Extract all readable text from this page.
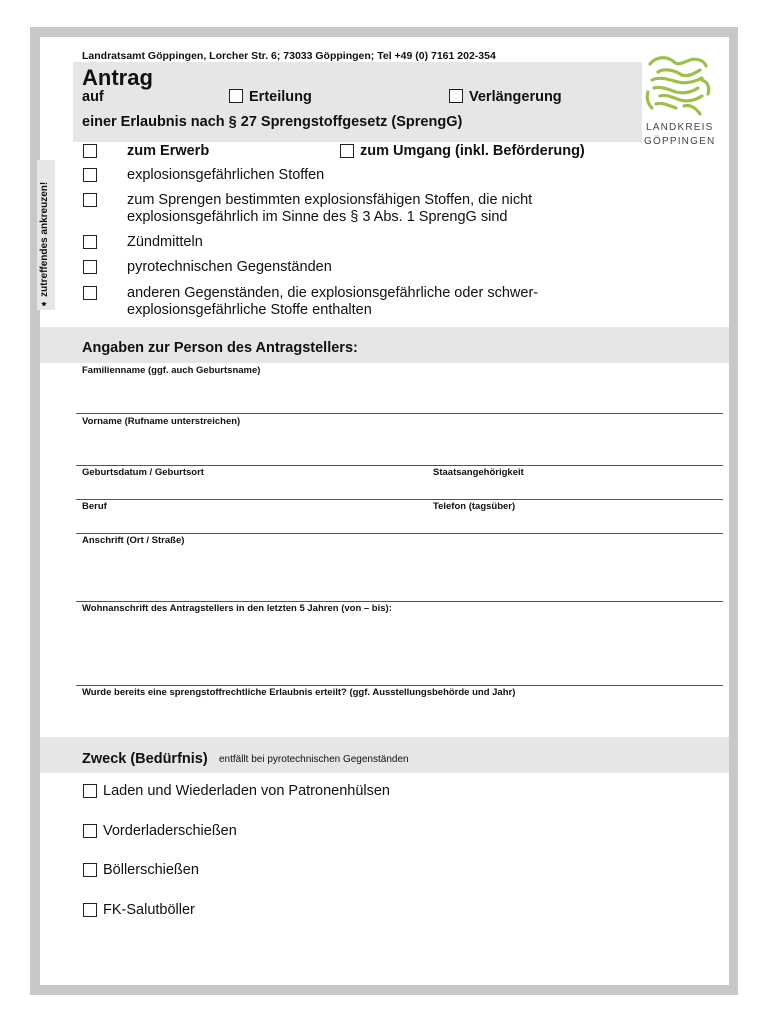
Landratsamt Göppingen, Lorcher Str. 6; 73033 Göppingen; Tel +49 (0) 7161 202-354
Antrag
auf	Erteilung	Verlängerung
einer Erlaubnis nach § 27 Sprengstoffgesetz (SprengG)	LANDKREIS
GÖPPINGEN
➧ zutreffendes ankreuzen!
zum Erwerb	zum Umgang (inkl. Beförderung)
explosionsgefährlichen Stoffen
zum Sprengen bestimmten explosionsfähigen Stoffen, die nicht
explosionsgefährlich im Sinne des § 3 Abs. 1 SprengG sind
Zündmitteln
pyrotechnischen Gegenständen
anderen Gegenständen, die explosionsgefährliche oder schwer-
explosionsgefährliche Stoffe enthalten
Angaben zur Person des Antragstellers:
Familienname (ggf. auch Geburtsname)
Vorname (Rufname unterstreichen)
Geburtsdatum / Geburtsort	Staatsangehörigkeit
Beruf	Telefon (tagsüber)
Anschrift (Ort / Straße)
Wohnanschrift des Antragstellers in den letzten 5 Jahren (von – bis):
Wurde bereits eine sprengstoffrechtliche Erlaubnis erteilt? (ggf. Ausstellungsbehörde und Jahr)
Zweck (Bedürfnis) entfällt bei pyrotechnischen Gegenständen
Laden und Wiederladen von Patronenhülsen
Vorderladerschießen
Böllerschießen
FK-Salutböller
